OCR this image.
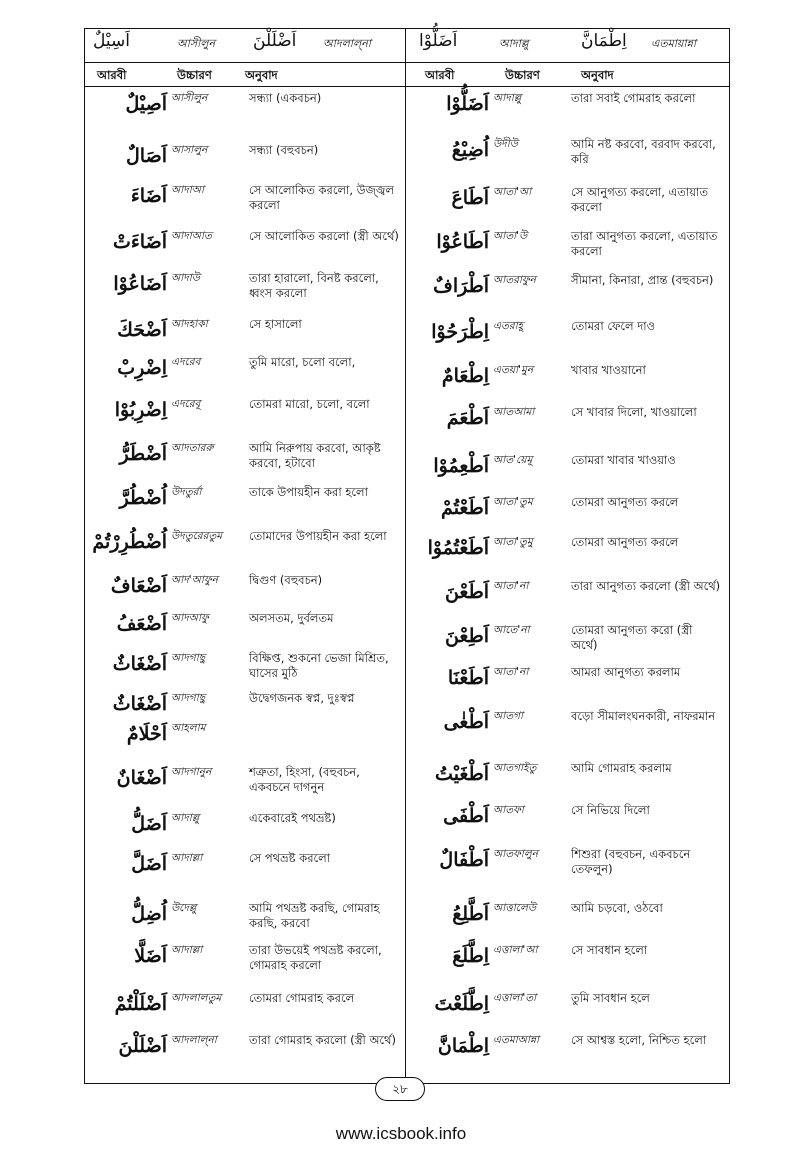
اَسِيْلٌ	আসীলুন اَضْلَلْنَ আদলাল্না	اَضَلُّوْا	আদাল্লু	اِطْمَانَّ এতমায়ান্না
আরবী	উচ্চারণ	অনুবাদ	আরবী	উচ্চারণ	অনুবাদ
اَصِيْلٌ আসীলুন	সন্ধ্যা (একবচন)
اَصَالٌ আসালুন	সন্ধ্যা (বহুবচন)
اَضَاءَ আদাআ	সে আলোকিত করলো, উজ্জ্বল করলো
اَضَاءَتْ আদাআত	সে আলোকিত করলো (স্ত্রী অর্থে)
اَضَاعُوْا আদাউ	তারা হারালো, বিনষ্ট করলো, ধ্বংস করলো
اَضْحَكَ আদহাকা	সে হাসালো
اِضْرِبْ এদরেব	তুমি মারো, চলো বলো,
اِضْرِبُوْا এদরেবূ	তোমরা মারো, চলো, বলো
اَضْطَرُّ আদতাররু	আমি নিরুপায় করবো, আকৃষ্ট করবো, হটাবো
اُضْطُرَّ উদতুর্রা	তাকে উপায়হীন করা হলো
اُضْطُرِرْتُمْ উদতুরেরতুম	তোমাদের উপায়হীন করা হলো
اَضْعَافٌ আদ'আফুন	দ্বিগুণ (বহুবচন)
اَضْعَفُ আদআফু	অলসতম, দুর্বলতম
اَضْغَاثٌ আদগাছু	বিক্ষিপ্ত, শুকনো ভেজা মিশ্রিত, ঘাসের মুঠি
اَضْغَاثٌ আদগাছু	উদ্বেগজনক স্বপ্ন, দুঃস্বপ্ন
اَحْلَامٌ আহলাম
اَضْغَانٌ আদগানুন	শত্রুতা, হিংসা, (বহুবচন, একবচনে দাগনুন
اَضَلُّ আদাল্লু	একেবারেই পথভ্রষ্ট)
اَضَلَّ আদাল্লা	সে পথভ্রষ্ট করলো
اُضِلُّ উদেল্লু	আমি পথভ্রষ্ট করছি, গোমরাহ করছি, করবো
اَضَلَّا আদাল্লা	তারা উভয়েই পথভ্রষ্ট করলো, গোমরাহ করলো
اَضْلَلْتُمْ আদলালতুম	তোমরা গোমরাহ করলে
اَضْلَلْنَ আদলাল্না	তারা গোমরাহ করলো (স্ত্রী অর্থে)
اَضَلُّوْا আদাল্লু	তারা সবাই গোমরাহ করলো
اُضِيْعُ উদীউ	আমি নষ্ট করবো, বরবাদ করবো, করি
اَطَاعَ আতা'আ	সে আনুগত্য করলো, এতায়াত করলো
اَطَاعُوْا আতা'উ	তারা আনুগত্য করলো, এতায়াত করলো
اَطْرَافٌ আতরাফুন	সীমানা, কিনারা, প্রান্ত (বহুবচন)
اِطْرَحُوْا এতরাহূ	তোমরা ফেলে দাও
اِطْعَامٌ এতয়া'মুন	খাবার খাওয়ানো
اَطْعَمَ আতআমা	সে খাবার দিলো, খাওয়ালো
اَطْعِمُوْا আত'য়েমূ	তোমরা খাবার খাওয়াও
اَطَعْتُمْ আতা'তুম	তোমরা আনুগত্য করলে
اَطَعْتُمُوْا আতা'তুমু	তোমরা আনুগত্য করলে
اَطَعْنَ আতা'না	তারা আনুগত্য করলো (স্ত্রী অর্থে)
اَطِعْنَ আতে'না	তোমরা আনুগত্য করো (স্ত্রী অর্থে)
اَطَعْنَا আতা'না	আমরা আনুগত্য করলাম
اَطْغٰى আতগা	বড়ো সীমালংঘনকারী, নাফরমান
اَطْغَيْتُ আতগাইতু	আমি গোমরাহ করলাম
اَطْفَى আতফা	সে নিভিয়ে দিলো
اَطْفَالٌ আতফালুন	শিশুরা (বহুবচন, একবচনে তেফলুন)
اَطَّلِعُ আত্তালেউ	আমি চড়বো, ওঠবো
اِطَّلَعَ এত্তালা'আ	সে সাবধান হলো
اِطَّلَعْتَ এত্তালা'তা	তুমি সাবধান হলে
اِطْمَانَّ এতমাআন্না	সে আশ্বস্ত হলো, নিশ্চিত হলো
২৮
www.icsbook.info
